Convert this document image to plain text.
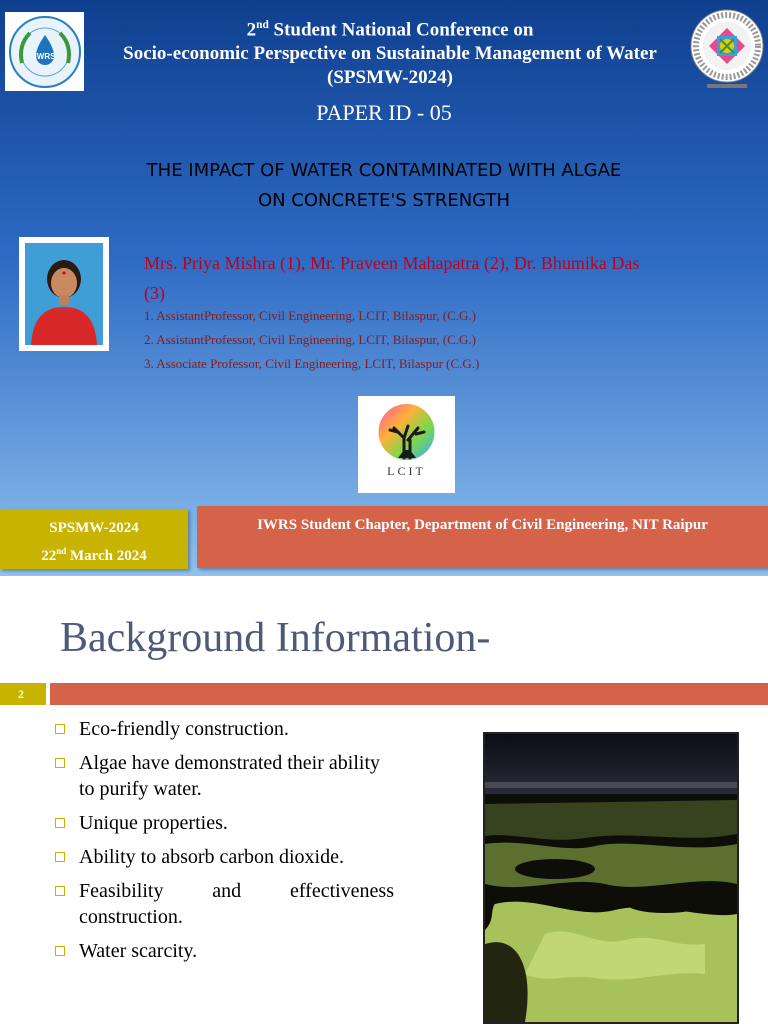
IWRS
2nd Student National Conference on
Socio-economic Perspective on Sustainable Management of Water
(SPSMW-2024)
PAPER ID - 05
THE IMPACT OF WATER CONTAMINATED WITH ALGAE
ON CONCRETE'S STRENGTH
Mrs. Priya Mishra (1), Mr. Praveen Mahapatra (2), Dr. Bhumika Das
(3)
1. AssistantProfessor, Civil Engineering, LCIT, Bilaspur, (C.G.)
2. AssistantProfessor, Civil Engineering, LCIT, Bilaspur, (C.G.)
3. Associate Professor, Civil Engineering, LCIT, Bilaspur (C.G.)
LCIT
SPSMW-2024
22nd March 2024
IWRS Student Chapter, Department of Civil Engineering, NIT Raipur
Background Information-
2
Eco-friendly construction.
Algae have demonstrated their ability to purify water.
Unique properties.
Ability to absorb carbon dioxide.
Feasibility and effectiveness construction.
Water scarcity.
